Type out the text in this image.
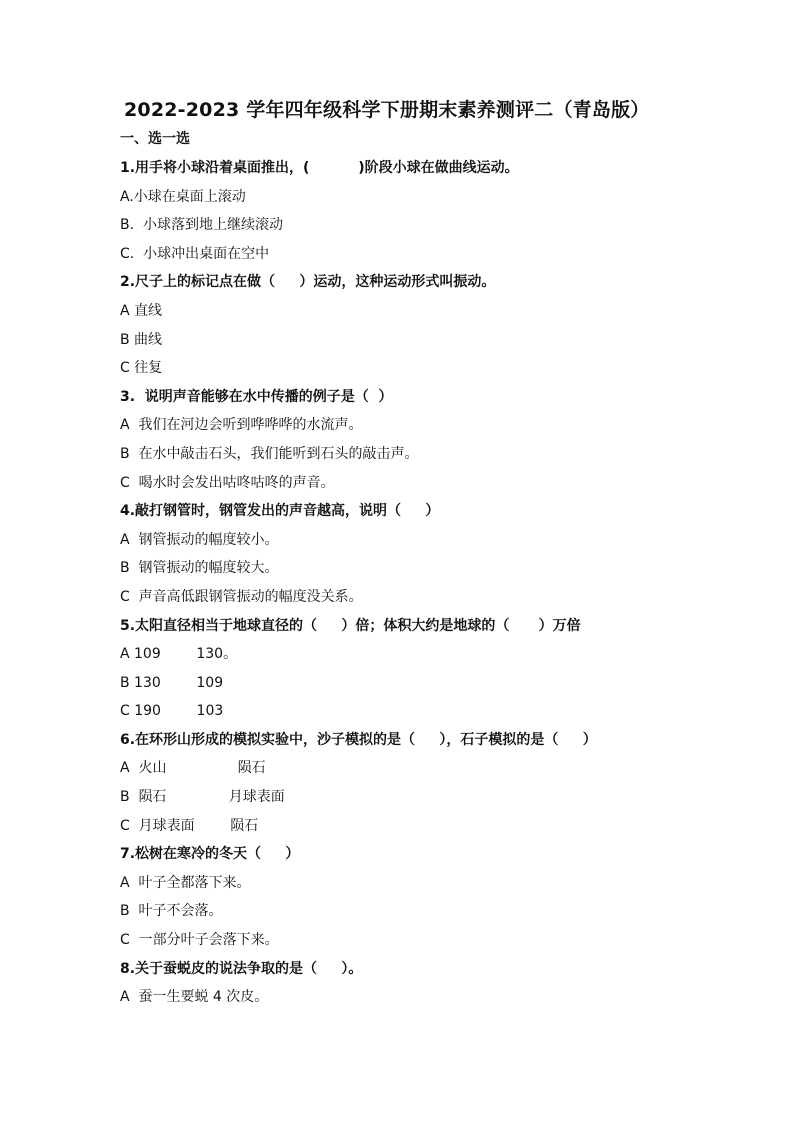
2022-2023 学年四年级科学下册期末素养测评二（青岛版）
一、选一选
1.用手将小球沿着桌面推出，(          )阶段小球在做曲线运动。
A.小球在桌面上滚动
B.  小球落到地上继续滚动
C.  小球冲出桌面在空中
2.尺子上的标记点在做（     ）运动，这种运动形式叫振动。
A 直线
B 曲线
C 往复
3.  说明声音能够在水中传播的例子是（  ）
A  我们在河边会听到哗哗哗的水流声。
B  在水中敲击石头，我们能听到石头的敲击声。
C  喝水时会发出咕咚咕咚的声音。
4.敲打钢管时，钢管发出的声音越高，说明（     ）
A  钢管振动的幅度较小。
B  钢管振动的幅度较大。
C  声音高低跟钢管振动的幅度没关系。
5.太阳直径相当于地球直径的（     ）倍；体积大约是地球的（      ）万倍
A 109        130。
B 130        109
C 190        103
6.在环形山形成的模拟实验中，沙子模拟的是（     ），石子模拟的是（     ）
A  火山                陨石
B  陨石              月球表面
C  月球表面        陨石
7.松树在寒冷的冬天（     ）
A  叶子全都落下来。
B  叶子不会落。
C  一部分叶子会落下来。
8.关于蚕蜕皮的说法争取的是（     ）。
A  蚕一生要蜕 4 次皮。
